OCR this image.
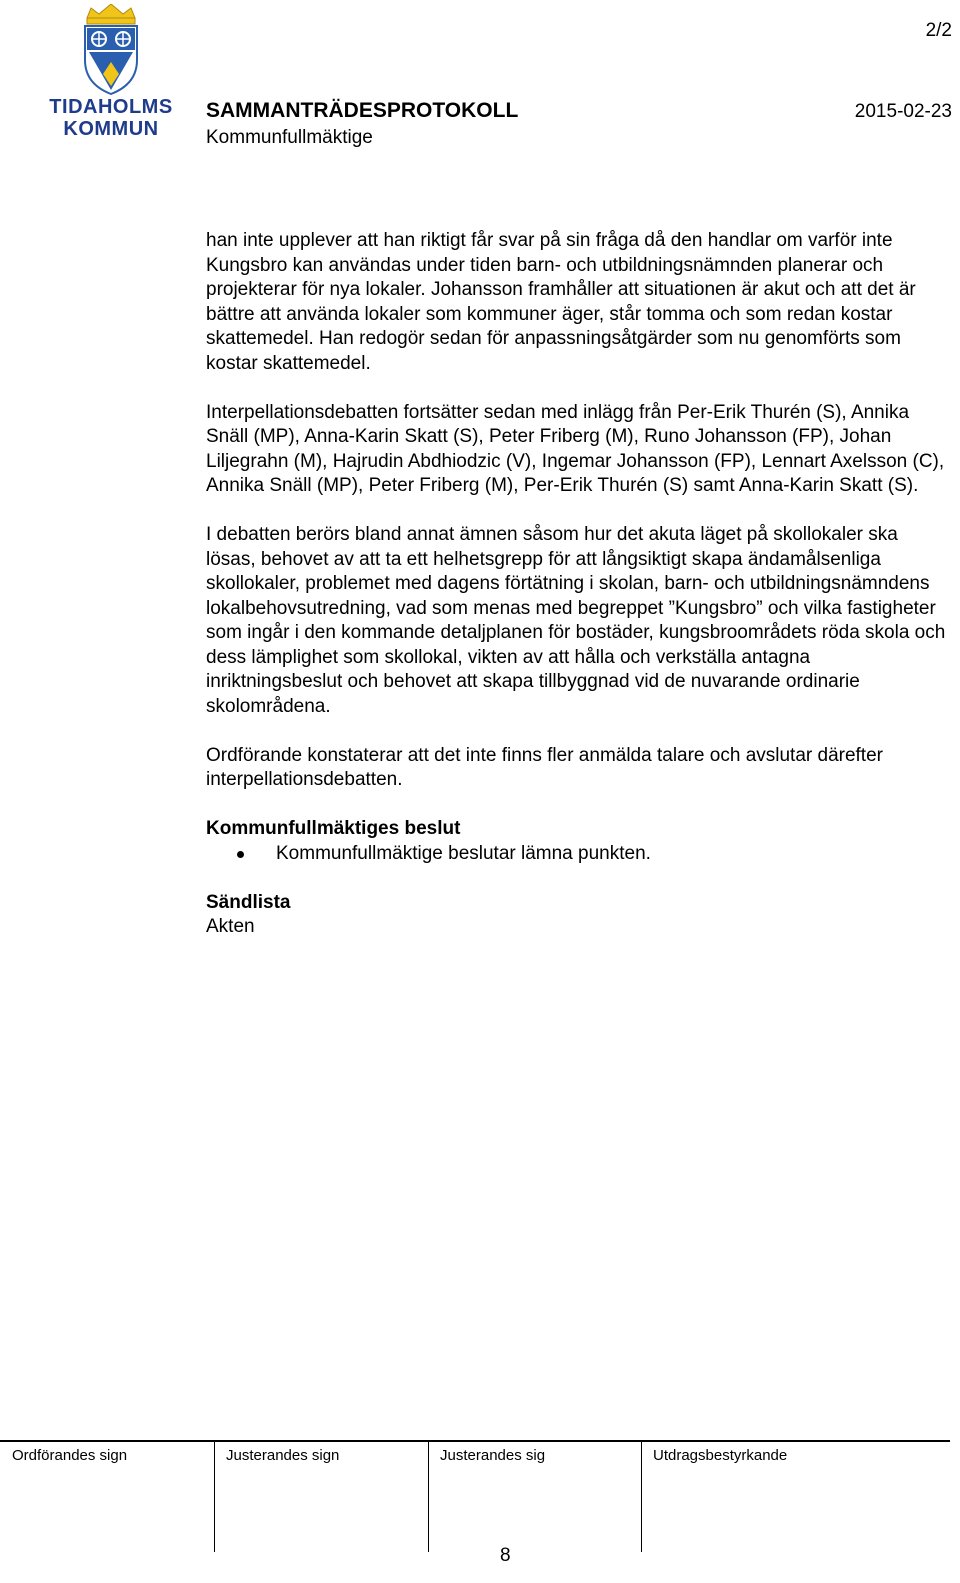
TIDAHOLMS
KOMMUN
2/2
SAMMANTRÄDESPROTOKOLL	2015-02-23
Kommunfullmäktige

han inte upplever att han riktigt får svar på sin fråga då den handlar om varför inte Kungsbro kan användas under tiden barn- och utbildningsnämnden planerar och projekterar för nya lokaler. Johansson framhåller att situationen är akut och att det är bättre att använda lokaler som kommuner äger, står tomma och som redan kostar skattemedel. Han redogör sedan för anpassningsåtgärder som nu genomförts som kostar skattemedel.

Interpellationsdebatten fortsätter sedan med inlägg från Per-Erik Thurén (S), Annika Snäll (MP), Anna-Karin Skatt (S), Peter Friberg (M), Runo Johansson (FP), Johan Liljegrahn (M), Hajrudin Abdhiodzic (V), Ingemar Johansson (FP), Lennart Axelsson (C), Annika Snäll (MP), Peter Friberg (M), Per-Erik Thurén (S) samt Anna-Karin Skatt (S).

I debatten berörs bland annat ämnen såsom hur det akuta läget på skollokaler ska lösas, behovet av att ta ett helhetsgrepp för att långsiktigt skapa ändamålsenliga skollokaler, problemet med dagens förtätning i skolan, barn- och utbildningsnämndens lokalbehovsutredning, vad som menas med begreppet ”Kungsbro” och vilka fastigheter som ingår i den kommande detaljplanen för bostäder, kungsbroområdets röda skola och dess lämplighet som skollokal, vikten av att hålla och verkställa antagna inriktningsbeslut och behovet att skapa tillbyggnad vid de nuvarande ordinarie skolområdena.

Ordförande konstaterar att det inte finns fler anmälda talare och avslutar därefter interpellationsdebatten.

Kommunfullmäktiges beslut
Kommunfullmäktige beslutar lämna punkten.
Sändlista
Akten
Ordförandes sign	Justerandes sign	Justerandes sig	Utdragsbestyrkande
8
